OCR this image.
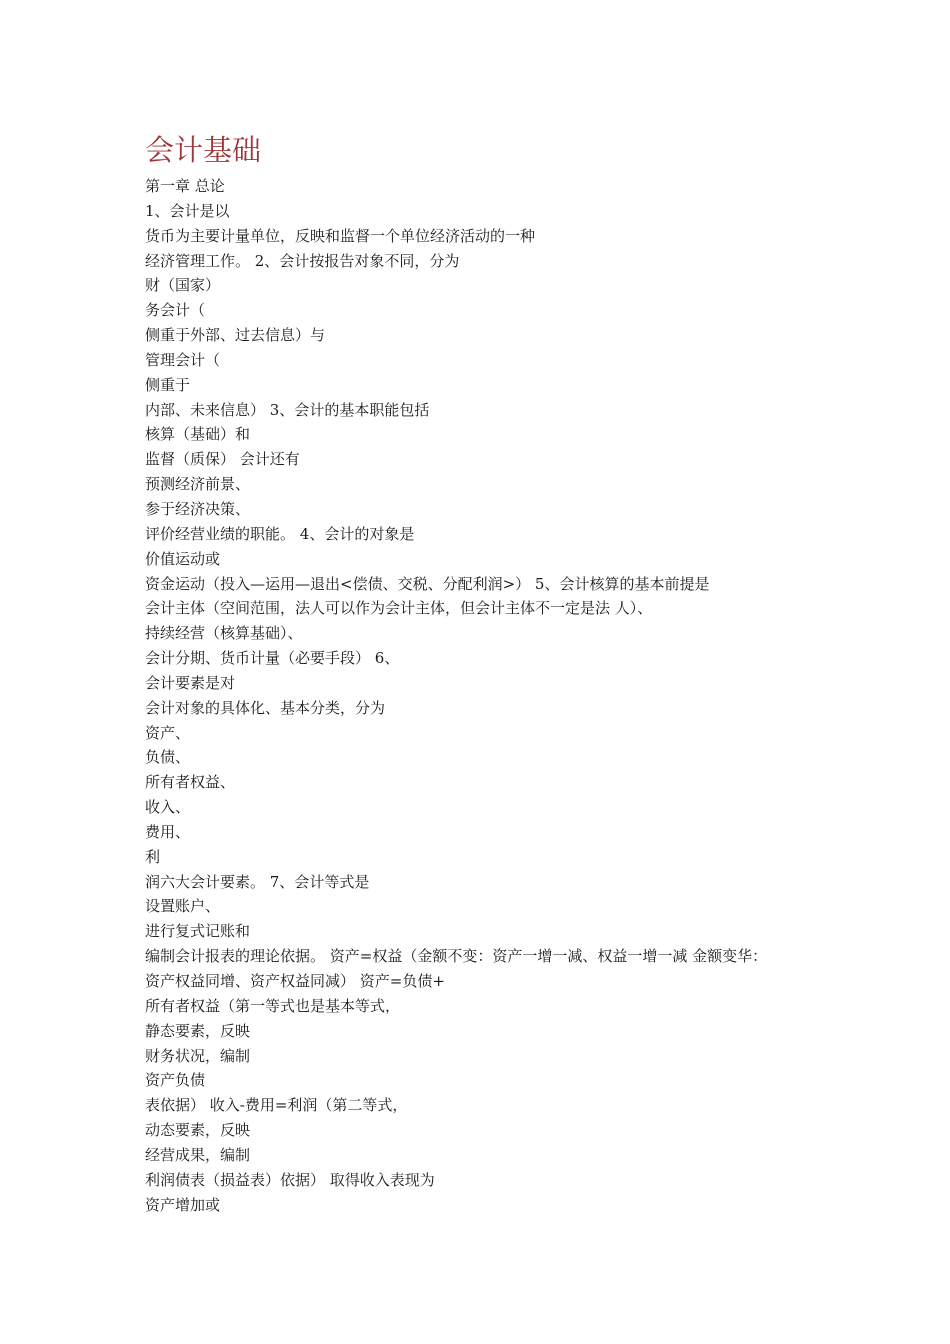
会计基础
第一章 总论
1、会计是以
货币为主要计量单位，反映和监督一个单位经济活动的一种
经济管理工作。 2、会计按报告对象不同，分为
财（国家）
务会计（
侧重于外部、过去信息）与
管理会计（
侧重于
内部、未来信息） 3、会计的基本职能包括
核算（基础）和
监督（质保） 会计还有
预测经济前景、
参于经济决策、
评价经营业绩的职能。 4、会计的对象是
价值运动或
资金运动（投入—运用—退出<偿债、交税、分配利润>） 5、会计核算的基本前提是
会计主体（空间范围，法人可以作为会计主体，但会计主体不一定是法 人）、
持续经营（核算基础）、
会计分期、货币计量（必要手段） 6、
会计要素是对
会计对象的具体化、基本分类，分为
资产、
负债、
所有者权益、
收入、
费用、
利
润六大会计要素。 7、会计等式是
设置账户、
进行复式记账和
编制会计报表的理论依据。 资产=权益（金额不变：资产一增一减、权益一增一减 金额变华：
资产权益同增、资产权益同减） 资产=负债+
所有者权益（第一等式也是基本等式，
静态要素，反映
财务状况，编制
资产负债
表依据） 收入-费用=利润（第二等式，
动态要素，反映
经营成果，编制
利润债表（损益表）依据） 取得收入表现为
资产增加或
